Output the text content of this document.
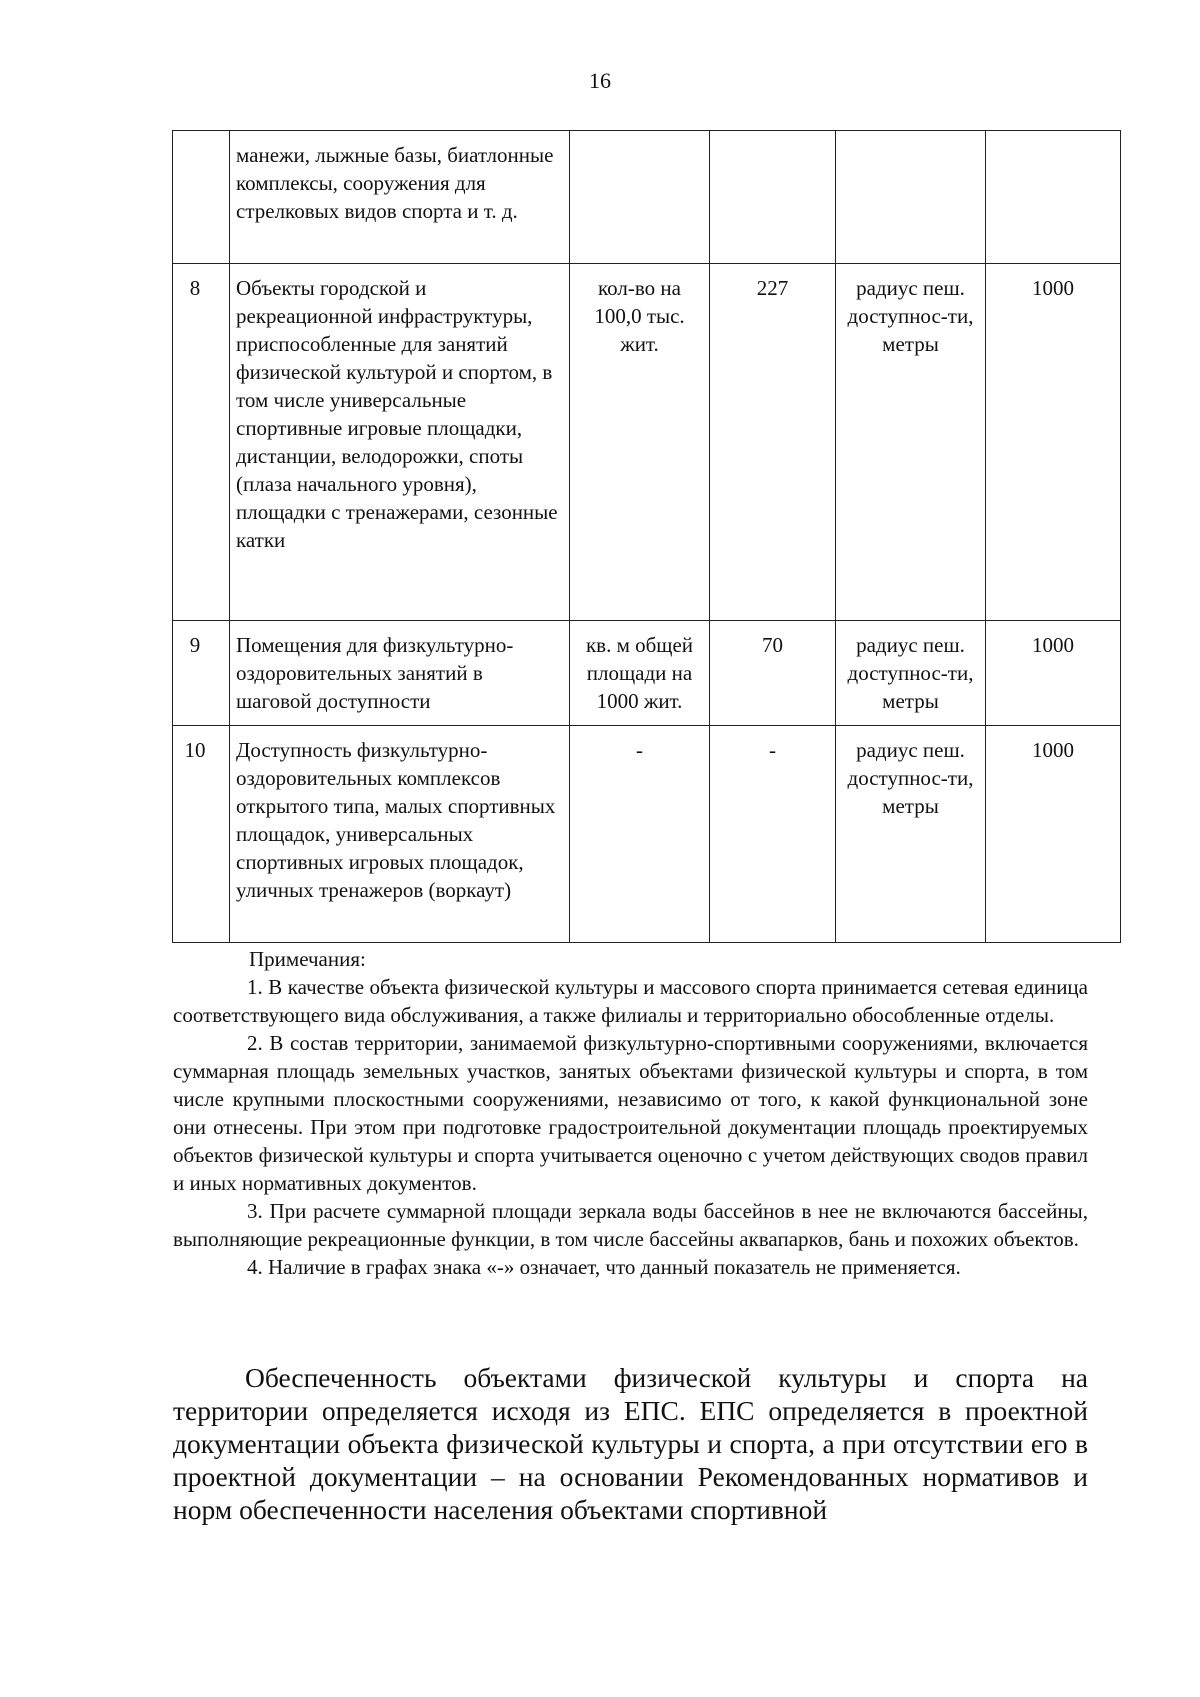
16
	манежи, лыжные базы, биатлонные комплексы, сооружения для стрелковых видов спорта и т. д.				
8	Объекты городской и рекреационной инфраструктуры, приспособленные для занятий физической культурой и спортом, в том числе универсальные спортивные игровые площадки, дистанции, велодорожки, споты (плаза начального уровня), площадки с тренажерами, сезонные катки	кол-во на 100,0 тыс. жит.	227	радиус пеш. доступнос-ти, метры	1000
9	Помещения для физкультурно-оздоровительных занятий в шаговой доступности	кв. м общей площади на 1000 жит.	70	радиус пеш. доступнос-ти, метры	1000
10	Доступность физкультурно-оздоровительных комплексов открытого типа, малых спортивных площадок, универсальных спортивных игровых площадок, уличных тренажеров (воркаут)	-	-	радиус пеш. доступнос-ти, метры	1000

Примечания:

1. В качестве объекта физической культуры и массового спорта принимается сетевая единица соответствующего вида обслуживания, а также филиалы и территориально обособленные отделы.

2. В состав территории, занимаемой физкультурно-спортивными сооружениями, включается суммарная площадь земельных участков, занятых объектами физической культуры и спорта, в том числе крупными плоскостными сооружениями, независимо от того, к какой функциональной зоне они отнесены. При этом при подготовке градостроительной документации площадь проектируемых объектов физической культуры и спорта учитывается оценочно с учетом действующих сводов правил и иных нормативных документов.

3. При расчете суммарной площади зеркала воды бассейнов в нее не включаются бассейны, выполняющие рекреационные функции, в том числе бассейны аквапарков, бань и похожих объектов.

4. Наличие в графах знака «-» означает, что данный показатель не применяется.

Обеспеченность объектами физической культуры и спорта на территории определяется исходя из ЕПС. ЕПС определяется в проектной документации объекта физической культуры и спорта, а при отсутствии его в проектной документации – на основании Рекомендованных нормативов и норм обеспеченности населения объектами спортивной
